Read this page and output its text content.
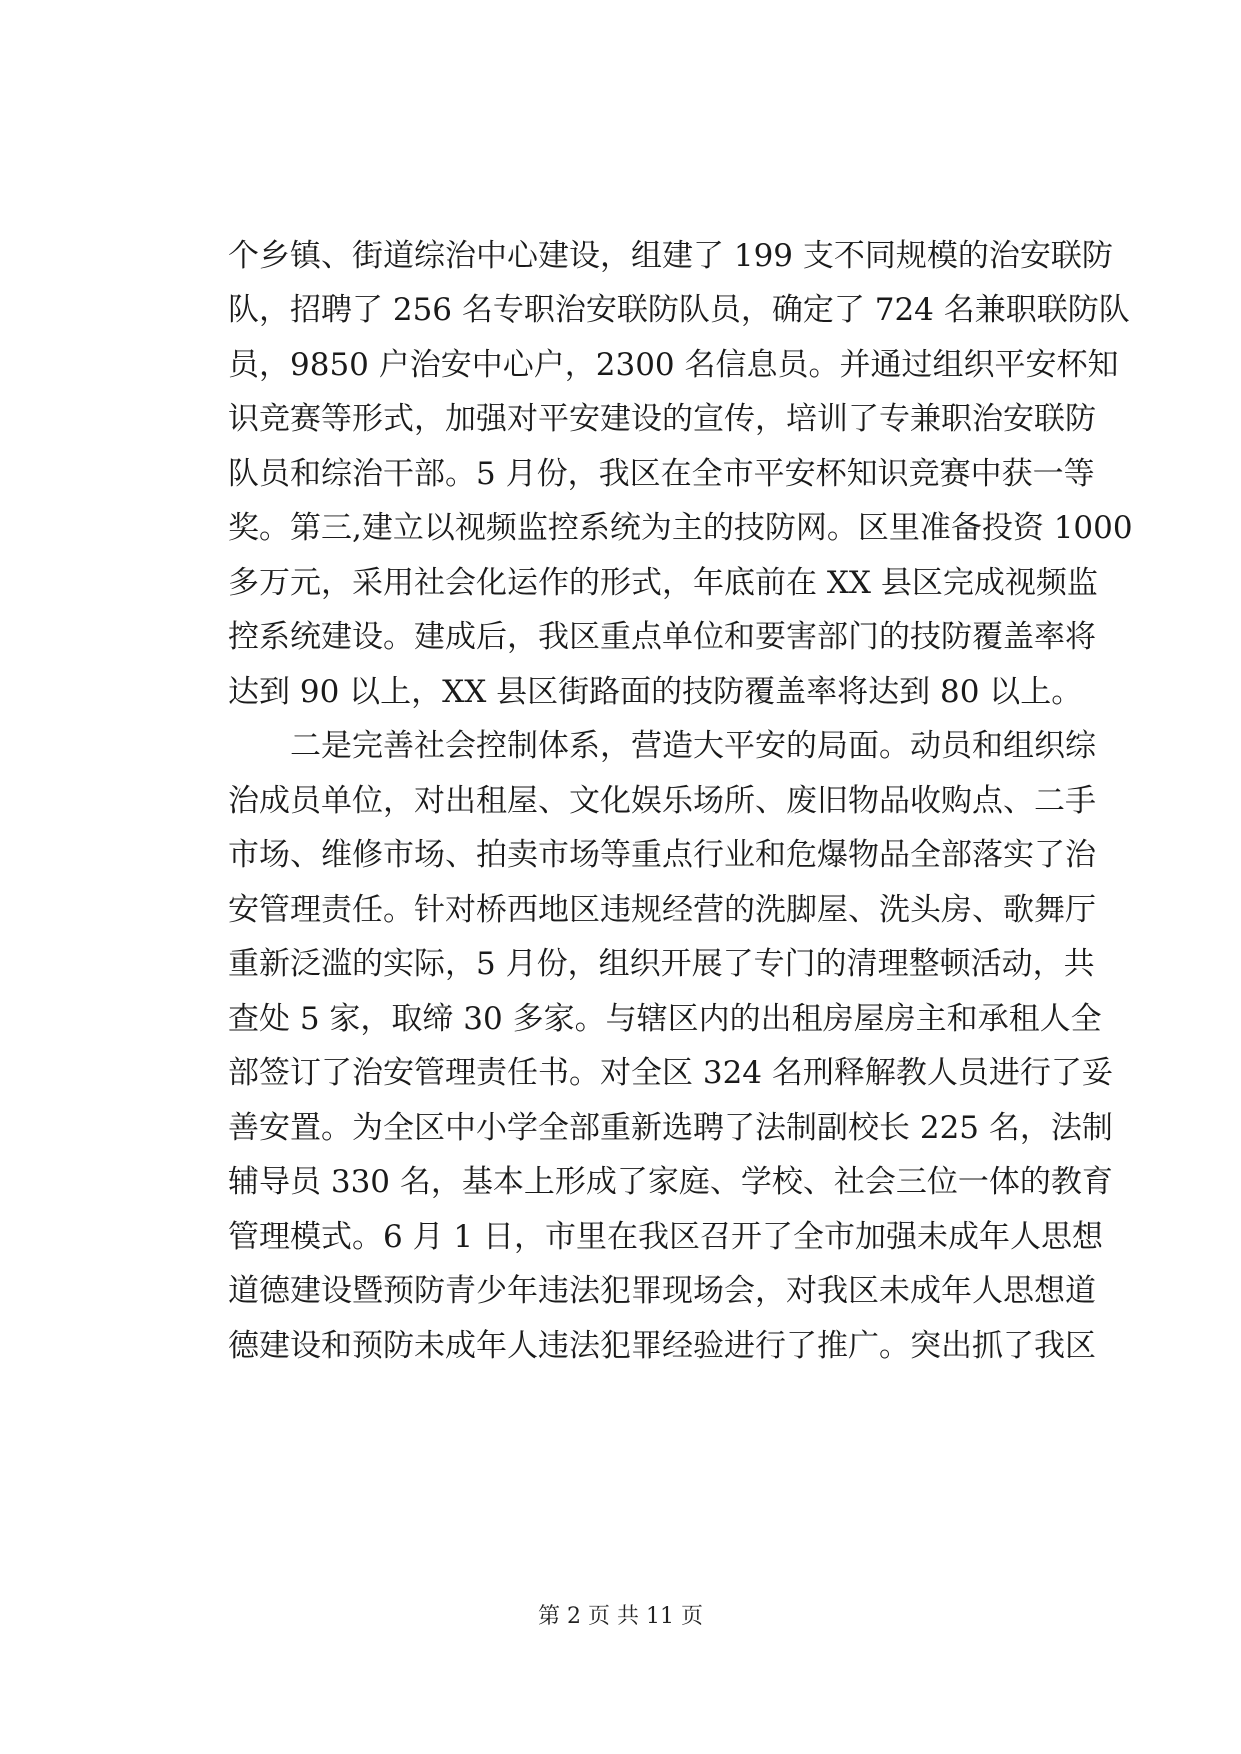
个乡镇、街道综治中心建设，组建了 199 支不同规模的治安联防
队，招聘了 256 名专职治安联防队员，确定了 724 名兼职联防队
员，9850 户治安中心户，2300 名信息员。并通过组织平安杯知
识竞赛等形式，加强对平安建设的宣传，培训了专兼职治安联防
队员和综治干部。5 月份，我区在全市平安杯知识竞赛中获一等
奖。第三,建立以视频监控系统为主的技防网。区里准备投资 1000
多万元，采用社会化运作的形式，年底前在 XX 县区完成视频监
控系统建设。建成后，我区重点单位和要害部门的技防覆盖率将
达到 90 以上，XX 县区街路面的技防覆盖率将达到 80 以上。
二是完善社会控制体系，营造大平安的局面。动员和组织综
治成员单位，对出租屋、文化娱乐场所、废旧物品收购点、二手
市场、维修市场、拍卖市场等重点行业和危爆物品全部落实了治
安管理责任。针对桥西地区违规经营的洗脚屋、洗头房、歌舞厅
重新泛滥的实际，5 月份，组织开展了专门的清理整顿活动，共
查处 5 家，取缔 30 多家。与辖区内的出租房屋房主和承租人全
部签订了治安管理责任书。对全区 324 名刑释解教人员进行了妥
善安置。为全区中小学全部重新选聘了法制副校长 225 名，法制
辅导员 330 名，基本上形成了家庭、学校、社会三位一体的教育
管理模式。6 月 1 日，市里在我区召开了全市加强未成年人思想
道德建设暨预防青少年违法犯罪现场会，对我区未成年人思想道
德建设和预防未成年人违法犯罪经验进行了推广。突出抓了我区
第 2 页 共 11 页
